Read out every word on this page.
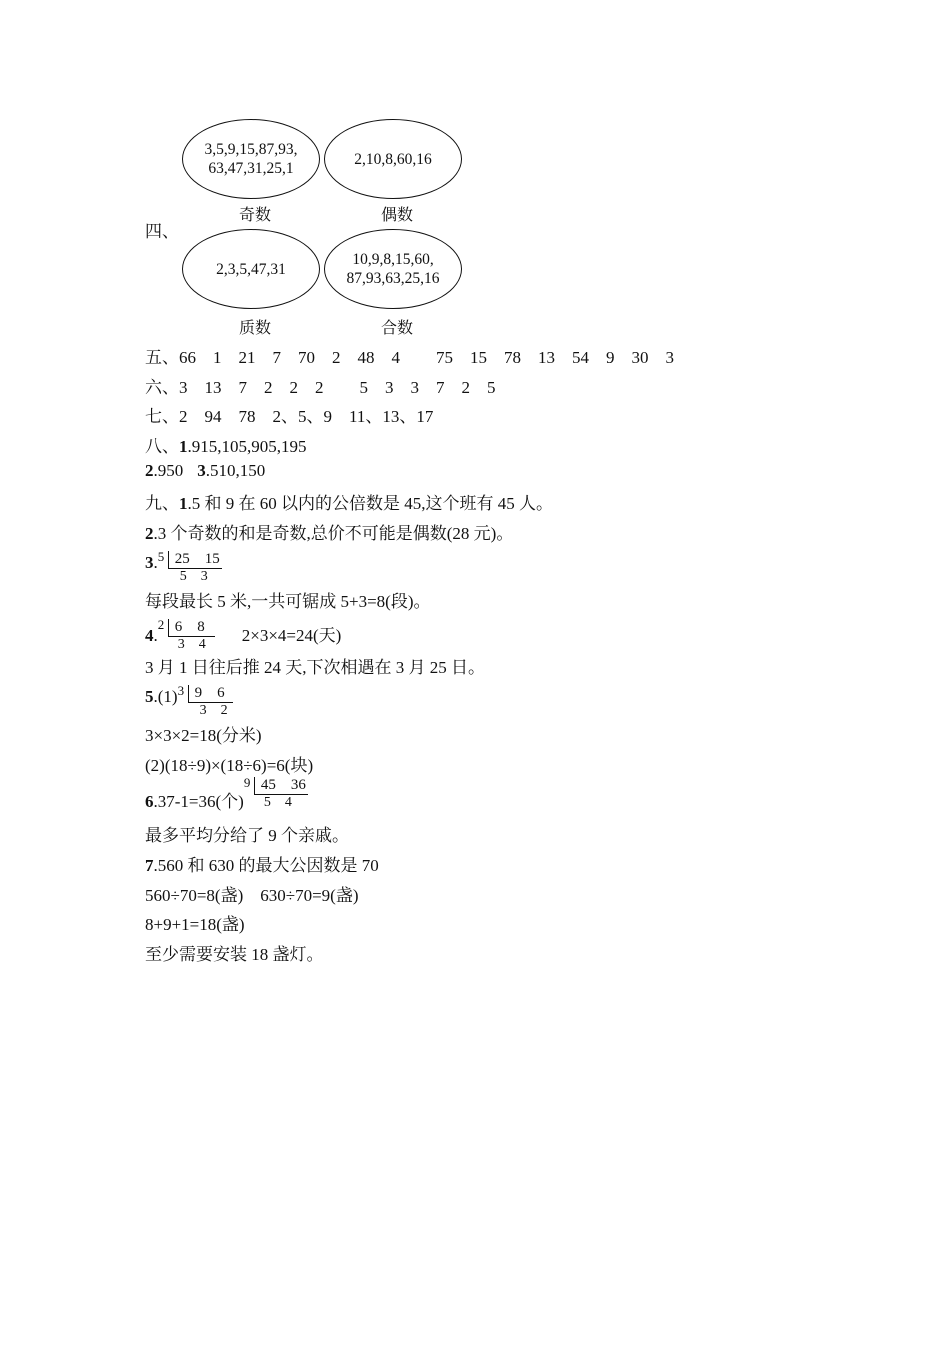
3,5,9,15,87,93,
63,47,31,25,1
奇数
2,10,8,60,16
偶数
四、
2,3,5,47,31
质数
10,9,8,15,60,
87,93,63,25,16
合数
五、66　1　21　7　70　2　48　4 75　15　78　13　54　9　30　3
六、3　13　7　2　2　2 5　3　3　7　2　5
七、2　94　78　2、5、9　11、13、17
八、1.915,105,905,195
2.950 3.510,150
九、1.5 和 9 在 60 以内的公倍数是 45,这个班有 45 人。
2.3 个奇数的和是奇数,总价不可能是偶数(28 元)。
3. 5 25　15
5　3
每段最长 5 米,一共可锯成 5+3=8(段)。
4.
2 6　8
3　4 2×3×4=24(天)
3 月 1 日往后推 24 天,下次相遇在 3 月 25 日。
5.(1) 3 9　6
3　2
3×3×2=18(分米)
(2)(18÷9)×(18÷6)=6(块)
6.37-1=36(个)
9 45　36
5　4
最多平均分给了 9 个亲戚。
7.560 和 630 的最大公因数是 70
560÷70=8(盏)　630÷70=9(盏)
8+9+1=18(盏)
至少需要安装 18 盏灯。
